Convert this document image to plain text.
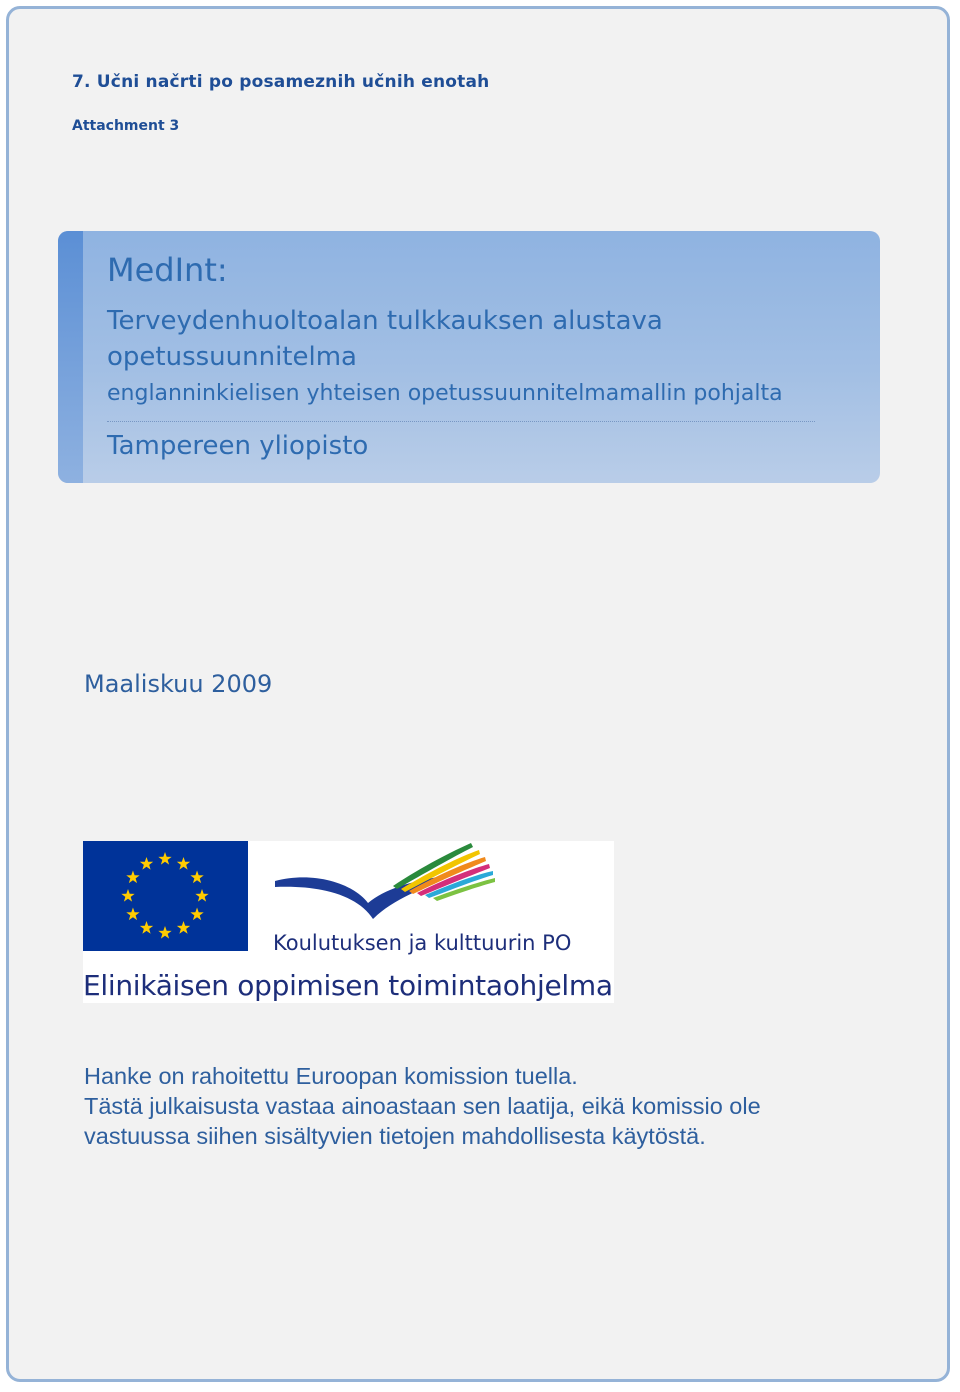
7. Učni načrti po posameznih učnih enotah
Attachment 3
MedInt:
Terveydenhuoltoalan tulkkauksen alustava
opetussuunnitelma
englanninkielisen yhteisen opetussuunnitelmamallin pohjalta
Tampereen yliopisto
Maaliskuu 2009
Koulutuksen ja kulttuurin PO
Elinikäisen oppimisen toimintaohjelma
Hanke on rahoitettu Euroopan komission tuella.
Tästä julkaisusta vastaa ainoastaan sen laatija, eikä komissio ole
vastuussa siihen sisältyvien tietojen mahdollisesta käytöstä.
